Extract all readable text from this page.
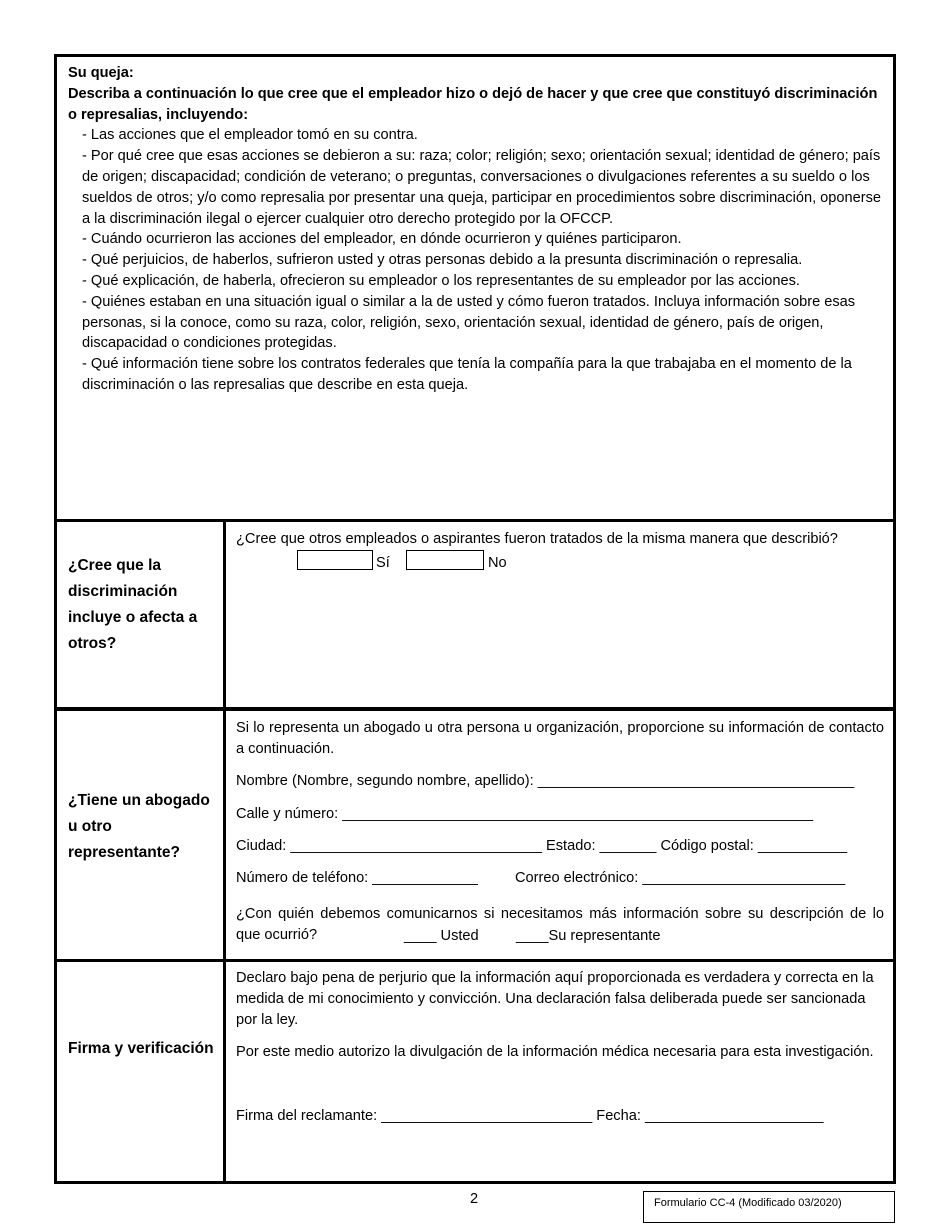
Su queja:
Describa a continuación lo que cree que el empleador hizo o dejó de hacer y que cree que constituyó discriminación o represalias, incluyendo:
- Las acciones que el empleador tomó en su contra.
- Por qué cree que esas acciones se debieron a su: raza; color; religión; sexo; orientación sexual; identidad de género; país de origen; discapacidad; condición de veterano; o preguntas, conversaciones o divulgaciones referentes a su sueldo o los sueldos de otros; y/o como represalia por presentar una queja, participar en procedimientos sobre discriminación, oponerse a la discriminación ilegal o ejercer cualquier otro derecho protegido por la OFCCP.
- Cuándo ocurrieron las acciones del empleador, en dónde ocurrieron y quiénes participaron.
- Qué perjuicios, de haberlos, sufrieron usted y otras personas debido a la presunta discriminación o represalia.
- Qué explicación, de haberla, ofrecieron su empleador o los representantes de su empleador por las acciones.
- Quiénes estaban en una situación igual o similar a la de usted y cómo fueron tratados. Incluya información sobre esas personas, si la conoce, como su raza, color, religión, sexo, orientación sexual, identidad de género, país de origen, discapacidad o condiciones protegidas.
- Qué información tiene sobre los contratos federales que tenía la compañía para la que trabajaba en el momento de la discriminación o las represalias que describe en esta queja.
¿Cree que la discriminación incluye o afecta a otros?
¿Cree que otros empleados o aspirantes fueron tratados de la misma manera que describió?
Sí	No
¿Tiene un abogado u otro representante?
Si lo representa un abogado u otra persona u organización, proporcione su información de contacto a continuación.
Nombre (Nombre, segundo nombre, apellido): _______________________________________
Calle y número: __________________________________________________________
Ciudad: _______________________________ Estado: _______ Código postal: ___________
Número de teléfono: _____________	Correo electrónico: _________________________
¿Con quién debemos comunicarnos si necesitamos más información sobre su descripción de lo que ocurrió?	____ Usted	____Su representante
Firma y verificación
Declaro bajo pena de perjurio que la información aquí proporcionada es verdadera y correcta en la medida de mi conocimiento y convicción. Una declaración falsa deliberada puede ser sancionada por la ley.
Por este medio autorizo la divulgación de la información médica necesaria para esta investigación.
Firma del reclamante: __________________________ Fecha: ______________________
2	Formulario CC-4 (Modificado 03/2020)
